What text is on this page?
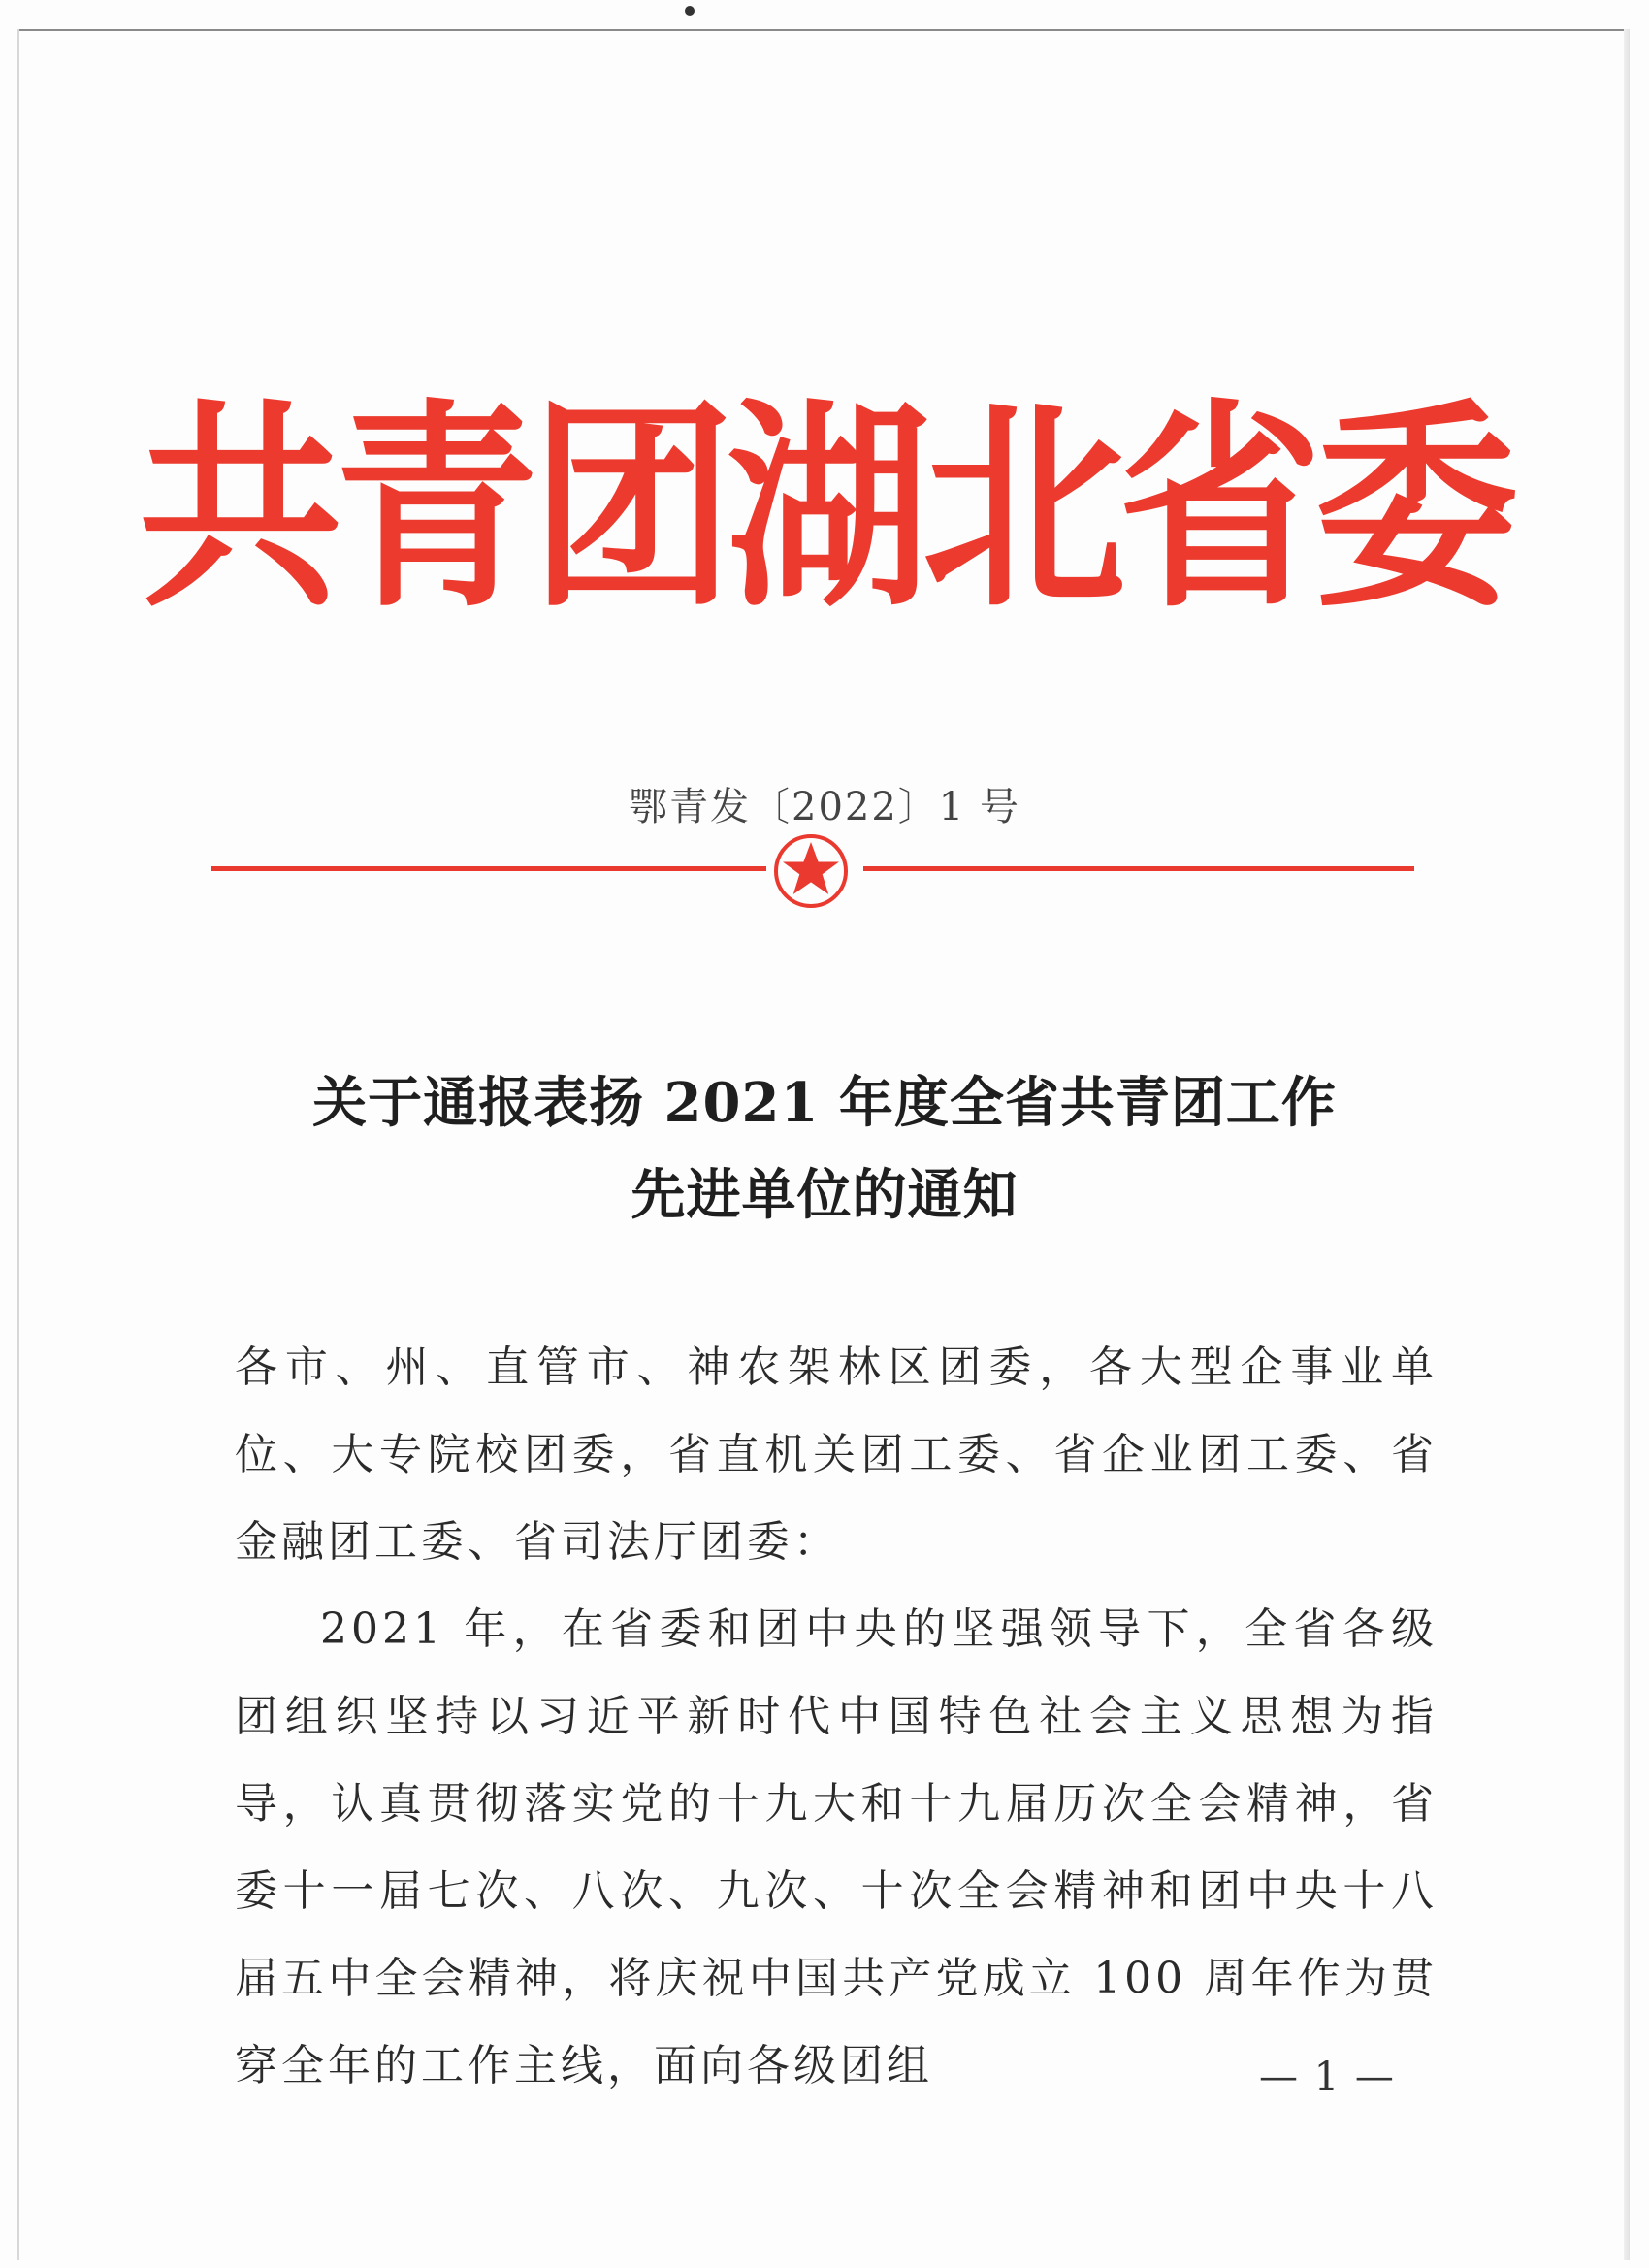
共青团湖北省委
鄂青发〔2022〕1 号
关于通报表扬 2021 年度全省共青团工作
先进单位的通知
各市、州、直管市、神农架林区团委，各大型企事业单位、大专院校团委，省直机关团工委、省企业团工委、省金融团工委、省司法厅团委：
2021 年，在省委和团中央的坚强领导下，全省各级团组织坚持以习近平新时代中国特色社会主义思想为指导，认真贯彻落实党的十九大和十九届历次全会精神，省委十一届七次、八次、九次、十次全会精神和团中央十八届五中全会精神，将庆祝中国共产党成立 100 周年作为贯穿全年的工作主线，面向各级团组	— 1 —
